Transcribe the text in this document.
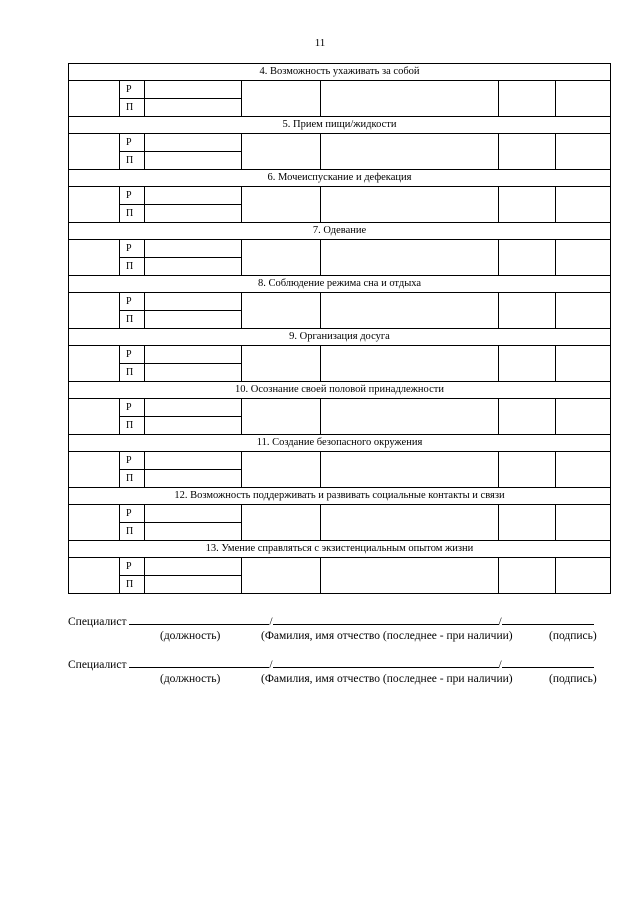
11
4. Возможность ухаживать за собой						
	Р					
	П					
5. Прием пищи/жидкости						
	Р					
	П					
6. Мочеиспускание и дефекация						
	Р					
	П					
7. Одевание						
	Р					
	П					
8. Соблюдение режима сна и отдыха						
	Р					
	П					
9. Организация досуга						
	Р					
	П					
10. Осознание своей половой принадлежности						
	Р					
	П					
11. Создание безопасного окружения						
	Р					
	П					
12. Возможность поддерживать и развивать социальные контакты и связи						
	Р					
	П					
13. Умение справляться с экзистенциальным опытом жизни						
	Р					
	П					
Специалист	/	/
(должность)	(Фамилия, имя отчество (последнее - при наличии)	(подпись)
Специалист	/	/
(должность)	(Фамилия, имя отчество (последнее - при наличии)	(подпись)
